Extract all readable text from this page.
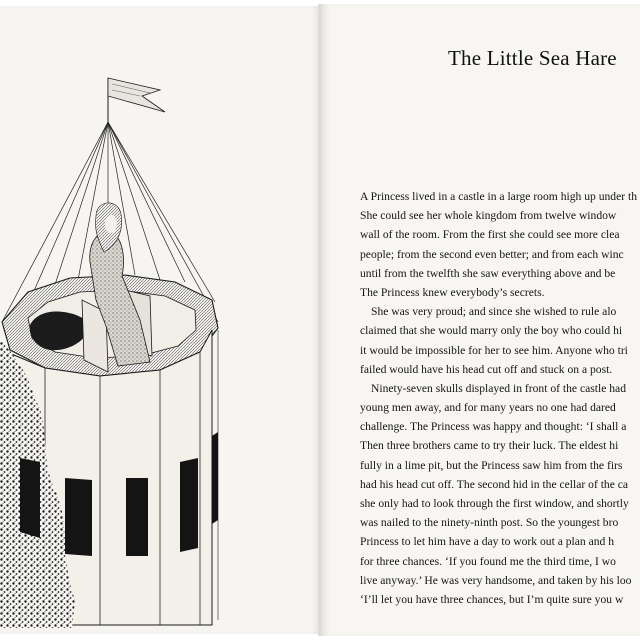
The Little Sea Hare
A Princess lived in a castle in a large room high up under th
She could see her whole kingdom from twelve window
wall of the room. From the first she could see more clea
people; from the second even better; and from each winc
until from the twelfth she saw everything above and be
The Princess knew everybody’s secrets.
She was very proud; and since she wished to rule alo
claimed that she would marry only the boy who could hi
it would be impossible for her to see him. Anyone who tri
failed would have his head cut off and stuck on a post.
Ninety-seven skulls displayed in front of the castle had
young men away, and for many years no one had dared
challenge. The Princess was happy and thought: ‘I shall a
Then three brothers came to try their luck. The eldest hi
fully in a lime pit, but the Princess saw him from the firs
had his head cut off. The second hid in the cellar of the ca
she only had to look through the first window, and shortly
was nailed to the ninety-ninth post. So the youngest bro
Princess to let him have a day to work out a plan and h
for three chances. ‘If you found me the third time, I wo
live anyway.’ He was very handsome, and taken by his loo
‘I’ll let you have three chances, but I’m quite sure you w
